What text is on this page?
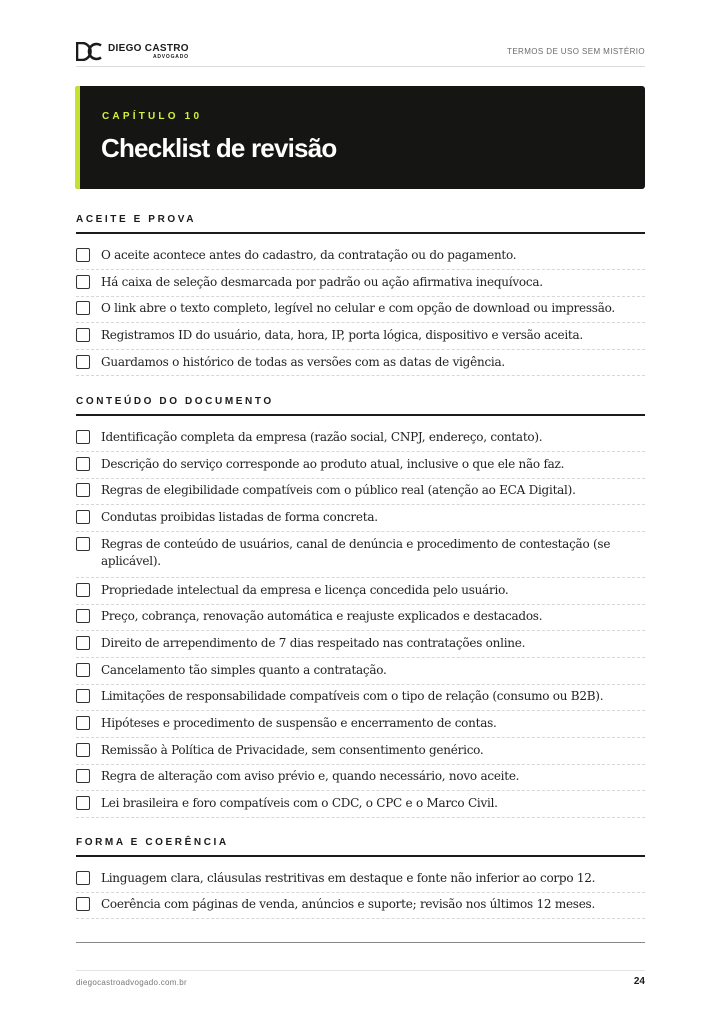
DIEGO CASTRO
ADVOGADO
TERMOS DE USO SEM MISTÉRIO
CAPÍTULO 10
Checklist de revisão
ACEITE E PROVA
O aceite acontece antes do cadastro, da contratação ou do pagamento.
Há caixa de seleção desmarcada por padrão ou ação afirmativa inequívoca.
O link abre o texto completo, legível no celular e com opção de download ou impressão.
Registramos ID do usuário, data, hora, IP, porta lógica, dispositivo e versão aceita.
Guardamos o histórico de todas as versões com as datas de vigência.
CONTEÚDO DO DOCUMENTO
Identificação completa da empresa (razão social, CNPJ, endereço, contato).
Descrição do serviço corresponde ao produto atual, inclusive o que ele não faz.
Regras de elegibilidade compatíveis com o público real (atenção ao ECA Digital).
Condutas proibidas listadas de forma concreta.
Regras de conteúdo de usuários, canal de denúncia e procedimento de contestação (se aplicável).
Propriedade intelectual da empresa e licença concedida pelo usuário.
Preço, cobrança, renovação automática e reajuste explicados e destacados.
Direito de arrependimento de 7 dias respeitado nas contratações online.
Cancelamento tão simples quanto a contratação.
Limitações de responsabilidade compatíveis com o tipo de relação (consumo ou B2B).
Hipóteses e procedimento de suspensão e encerramento de contas.
Remissão à Política de Privacidade, sem consentimento genérico.
Regra de alteração com aviso prévio e, quando necessário, novo aceite.
Lei brasileira e foro compatíveis com o CDC, o CPC e o Marco Civil.
FORMA E COERÊNCIA
Linguagem clara, cláusulas restritivas em destaque e fonte não inferior ao corpo 12.
Coerência com páginas de venda, anúncios e suporte; revisão nos últimos 12 meses.
diegocastroadvogado.com.br	24
